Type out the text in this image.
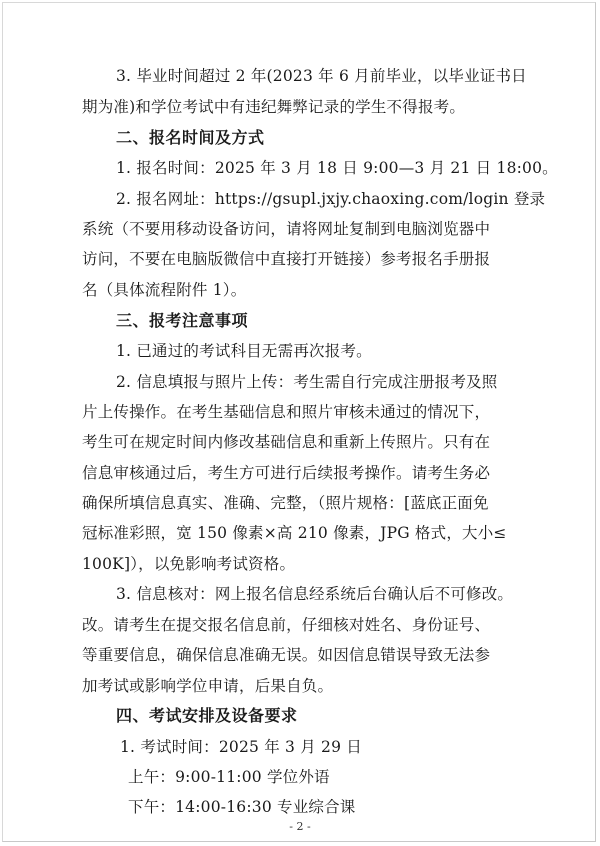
3. 毕业时间超过 2 年(2023 年 6 月前毕业，以毕业证书日
期为准)和学位考试中有违纪舞弊记录的学生不得报考。
二、报名时间及方式
1. 报名时间：2025 年 3 月 18 日 9:00—3 月 21 日 18:00。
2. 报名网址：https://gsupl.jxjy.chaoxing.com/login 登录
系统（不要用移动设备访问，请将网址复制到电脑浏览器中
访问，不要在电脑版微信中直接打开链接）参考报名手册报
名（具体流程附件 1）。
三、报考注意事项
1. 已通过的考试科目无需再次报考。
2. 信息填报与照片上传：考生需自行完成注册报考及照
片上传操作。在考生基础信息和照片审核未通过的情况下，
考生可在规定时间内修改基础信息和重新上传照片。只有在
信息审核通过后，考生方可进行后续报考操作。请考生务必
确保所填信息真实、准确、完整，（照片规格：[蓝底正面免
冠标准彩照，宽 150 像素×高 210 像素，JPG 格式，大小≤
100K]），以免影响考试资格。
3. 信息核对：网上报名信息经系统后台确认后不可修改。
改。请考生在提交报名信息前，仔细核对姓名、身份证号、
等重要信息，确保信息准确无误。如因信息错误导致无法参
加考试或影响学位申请，后果自负。
四、考试安排及设备要求
1. 考试时间：2025 年 3 月 29 日
上午：9:00-11:00 学位外语
下午：14:00-16:30 专业综合课
- 2 -
